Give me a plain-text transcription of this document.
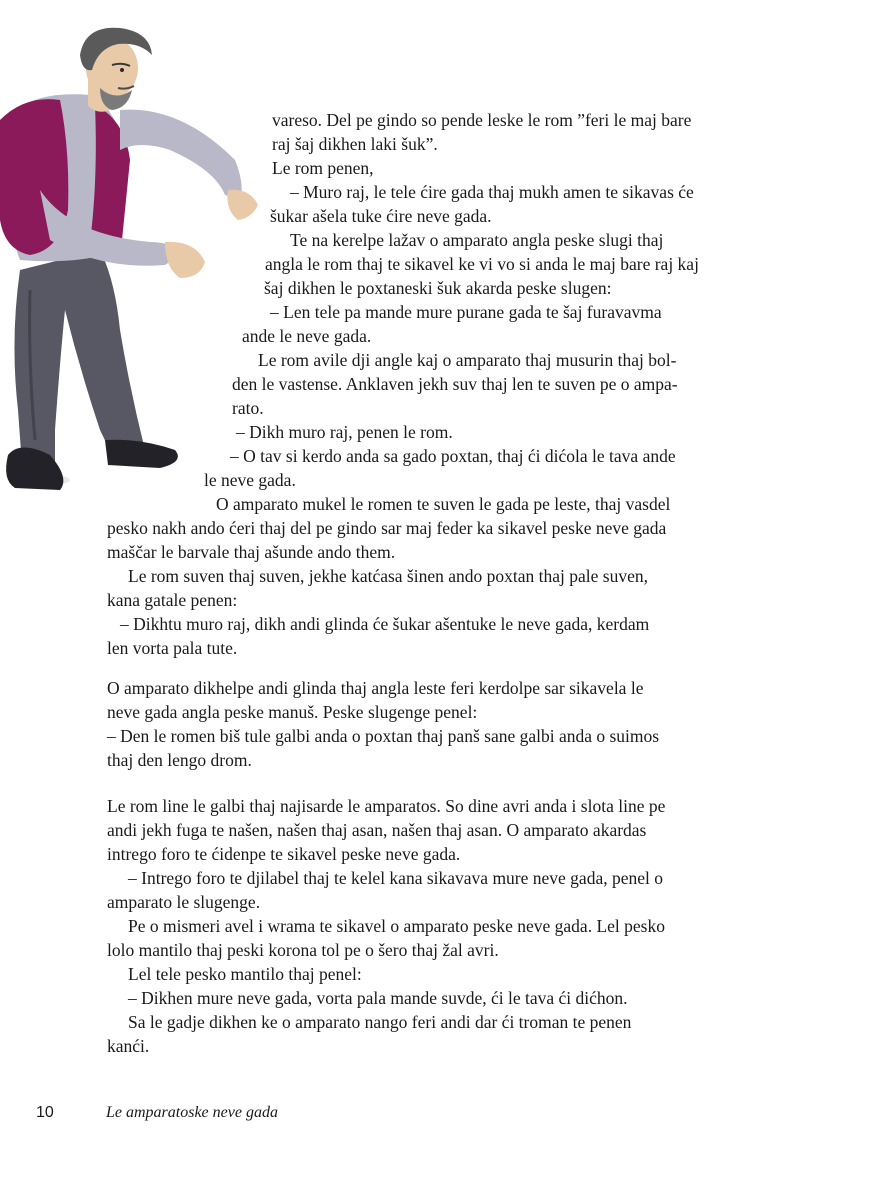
vareso. Del pe gindo so pende leske le rom ”feri le maj bare
raj šaj dikhen laki šuk”.
Le rom penen,
– Muro raj, le tele ćire gada thaj mukh amen te sikavas će
šukar ašela tuke ćire neve gada.
Te na kerelpe lažav o amparato angla peske slugi thaj
angla le rom thaj te sikavel ke vi vo si anda le maj bare raj kaj
šaj dikhen le poxtaneski šuk akarda peske slugen:
– Len tele pa mande mure purane gada te šaj furavavma
ande le neve gada.
Le rom avile dji angle kaj o amparato thaj musurin thaj bol-
den le vastense. Anklaven jekh suv thaj len te suven pe o ampa-
rato.
– Dikh muro raj, penen le rom.
– O tav si kerdo anda sa gado poxtan, thaj ći dićola le tava ande
le neve gada.
O amparato mukel le romen te suven le gada pe leste, thaj vasdel
pesko nakh ando ćeri thaj del pe gindo sar maj feder ka sikavel peske neve gada
maščar le barvale thaj ašunde ando them.
Le rom suven thaj suven, jekhe katćasa šinen ando poxtan thaj pale suven,
kana gatale penen:
– Dikhtu muro raj, dikh andi glinda će šukar ašentuke le neve gada, kerdam
len vorta pala tute.
O amparato dikhelpe andi glinda thaj angla leste feri kerdolpe sar sikavela le
neve gada angla peske manuš. Peske slugenge penel:
– Den le romen biš tule galbi anda o poxtan thaj panš sane galbi anda o suimos
thaj den lengo drom.
Le rom line le galbi thaj najisarde le amparatos. So dine avri anda i slota line pe
andi jekh fuga te našen, našen thaj asan, našen thaj asan. O amparato akardas
intrego foro te ćidenpe te sikavel peske neve gada.
– Intrego foro te djilabel thaj te kelel kana sikavava mure neve gada, penel o
amparato le slugenge.
Pe o mismeri avel i wrama te sikavel o amparato peske neve gada. Lel pesko
lolo mantilo thaj peski korona tol pe o šero thaj žal avri.
Lel tele pesko mantilo thaj penel:
– Dikhen mure neve gada, vorta pala mande suvde, ći le tava ći dićhon.
Sa le gadje dikhen ke o amparato nango feri andi dar ći troman te penen
kanći.
10	Le amparatoske neve gada
